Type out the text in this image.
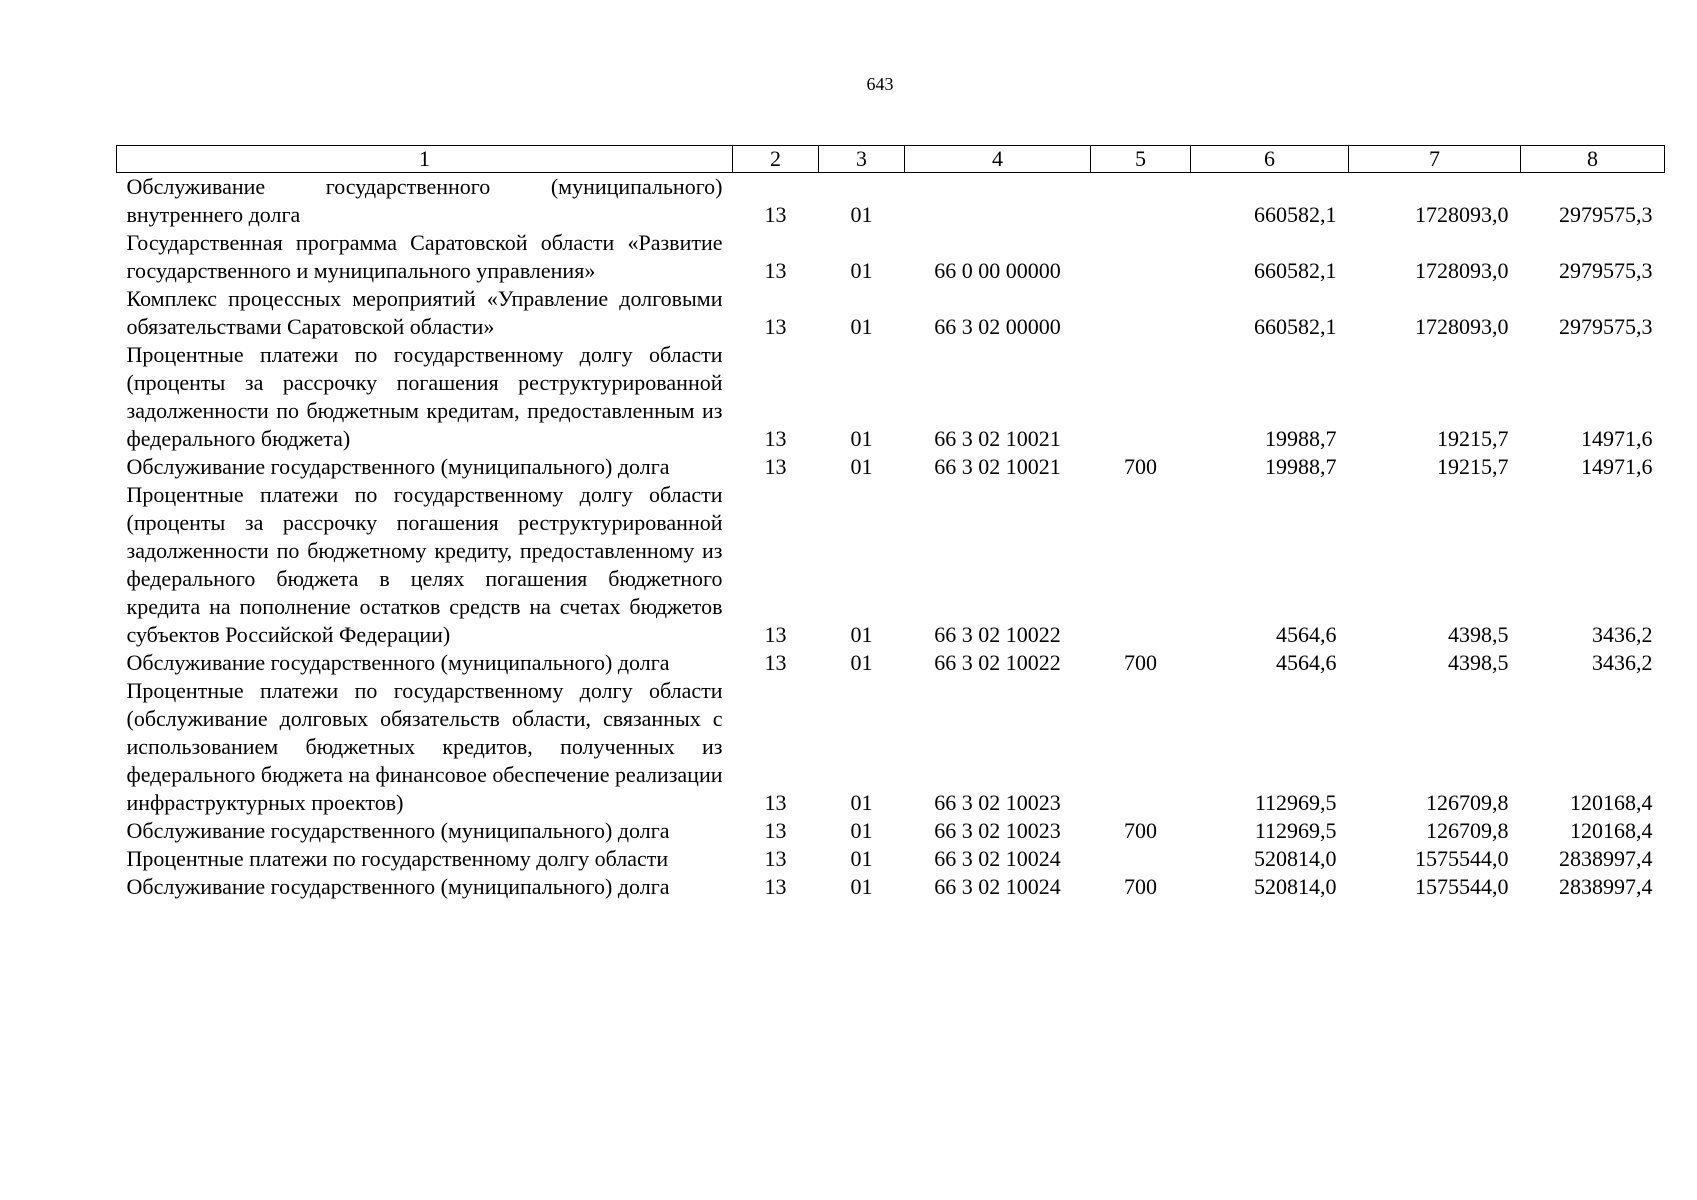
643
1	2	3	4	5	6	7	8
Обслуживание государственного (муниципального) внутреннего долга	13	01			660582,1	1728093,0	2979575,3
Государственная программа Саратовской области «Развитие государственного и муниципального управления»	13	01	66 0 00 00000		660582,1	1728093,0	2979575,3
Комплекс процессных мероприятий «Управление долговыми обязательствами Саратовской области»	13	01	66 3 02 00000		660582,1	1728093,0	2979575,3
Процентные платежи по государственному долгу области (проценты за рассрочку погашения реструктурированной задолженности по бюджетным кредитам, предоставленным из федерального бюджета)	13	01	66 3 02 10021		19988,7	19215,7	14971,6
Обслуживание государственного (муниципального) долга	13	01	66 3 02 10021	700	19988,7	19215,7	14971,6
Процентные платежи по государственному долгу области (проценты за рассрочку погашения реструктурированной задолженности по бюджетному кредиту, предоставленному из федерального бюджета в целях погашения бюджетного кредита на пополнение остатков средств на счетах бюджетов субъектов Российской Федерации)	13	01	66 3 02 10022		4564,6	4398,5	3436,2
Обслуживание государственного (муниципального) долга	13	01	66 3 02 10022	700	4564,6	4398,5	3436,2
Процентные платежи по государственному долгу области (обслуживание долговых обязательств области, связанных с использованием бюджетных кредитов, полученных из федерального бюджета на финансовое обеспечение реализации инфраструктурных проектов)	13	01	66 3 02 10023		112969,5	126709,8	120168,4
Обслуживание государственного (муниципального) долга	13	01	66 3 02 10023	700	112969,5	126709,8	120168,4
Процентные платежи по государственному долгу области	13	01	66 3 02 10024		520814,0	1575544,0	2838997,4
Обслуживание государственного (муниципального) долга	13	01	66 3 02 10024	700	520814,0	1575544,0	2838997,4
